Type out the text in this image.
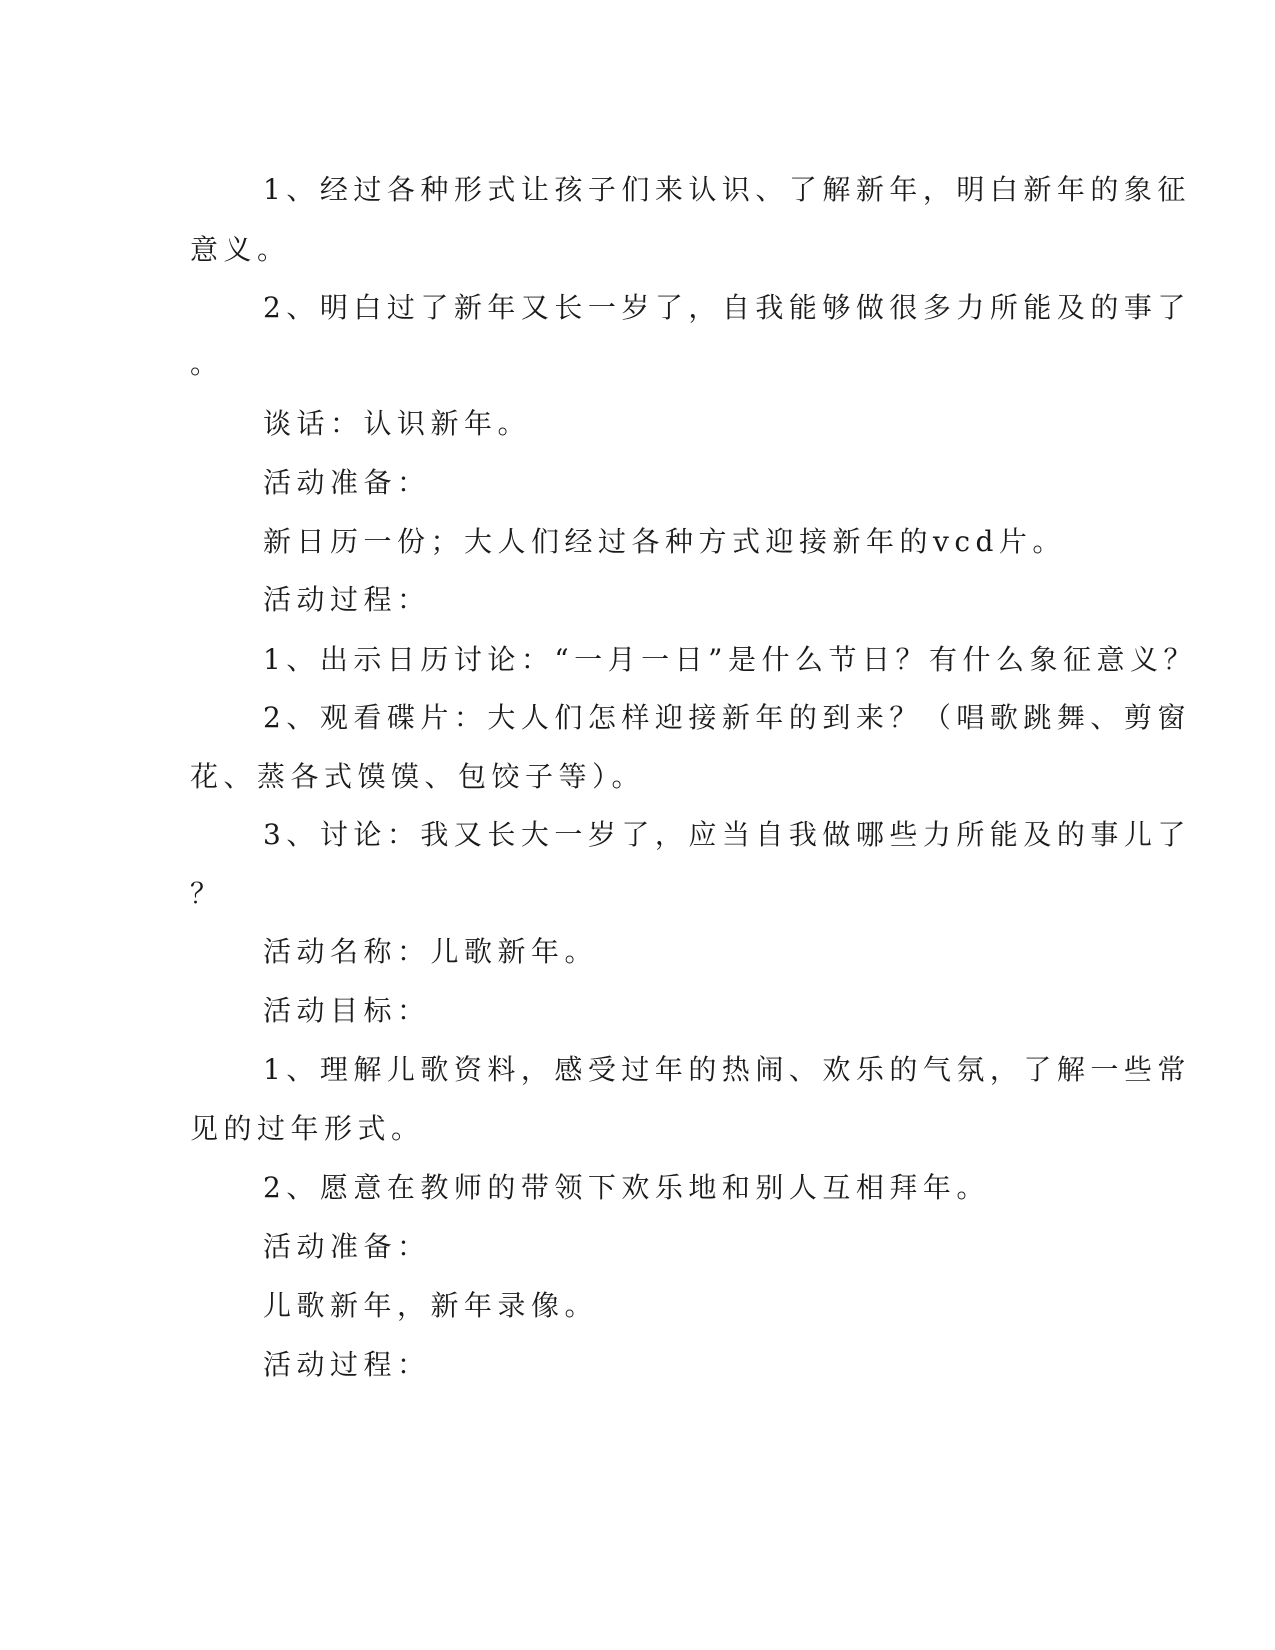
1、经过各种形式让孩子们来认识、了解新年，明白新年的象征
意义。
2、明白过了新年又长一岁了，自我能够做很多力所能及的事了
。
谈话：认识新年。
活动准备：
新日历一份；大人们经过各种方式迎接新年的vcd片。
活动过程：
1、出示日历讨论：“一月一日”是什么节日？有什么象征意义？
2、观看碟片：大人们怎样迎接新年的到来？（唱歌跳舞、剪窗
花、蒸各式馍馍、包饺子等）。
3、讨论：我又长大一岁了，应当自我做哪些力所能及的事儿了
？
活动名称：儿歌新年。
活动目标：
1、理解儿歌资料，感受过年的热闹、欢乐的气氛，了解一些常
见的过年形式。
2、愿意在教师的带领下欢乐地和别人互相拜年。
活动准备：
儿歌新年，新年录像。
活动过程：
